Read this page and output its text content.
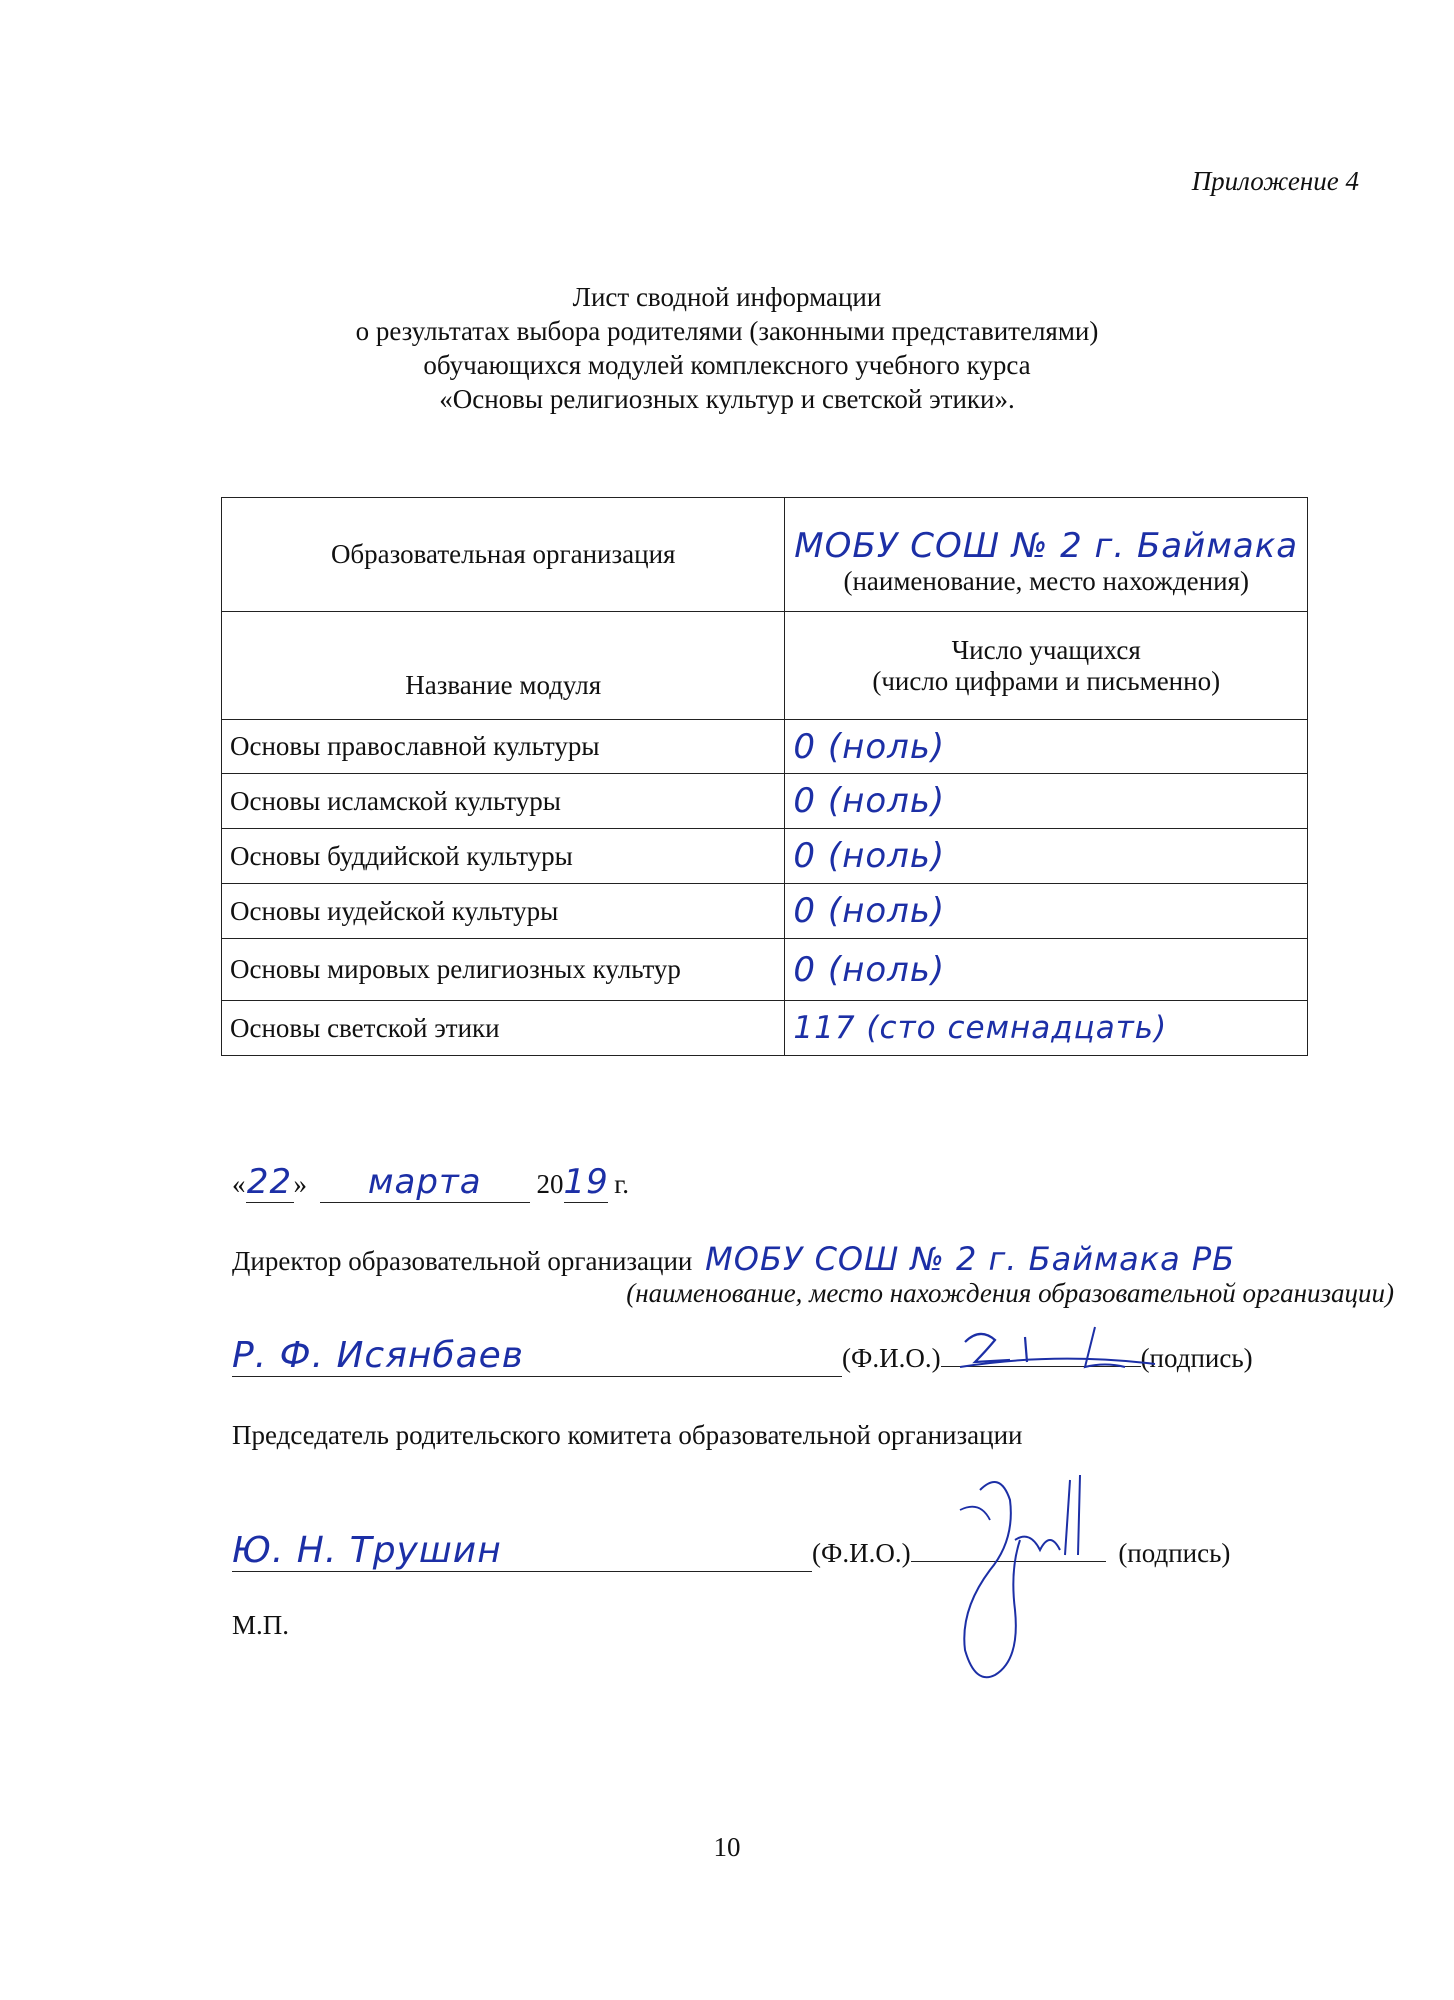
Приложение 4
Лист сводной информации
о результатах выбора родителями (законными представителями)
обучающихся модулей комплексного учебного курса
«Основы религиозных культур и светской этики».
Образовательная организация	МОБУ СОШ № 2 г. Баймака
(наименование, место нахождения)

Название модуля	Число учащихся
(число цифрами и письменно)

Основы православной культуры	0 (ноль)
Основы исламской культуры	0 (ноль)
Основы буддийской культуры	0 (ноль)
Основы иудейской культуры	0 (ноль)
Основы мировых религиозных культур	0 (ноль)
Основы светской этики	117 (сто семнадцать)
«22» марта 2019 г.
Директор образовательной организации МОБУ СОШ № 2 г. Баймака РБ
(наименование, место нахождения образовательной организации)
Р. Ф. Исянбаев	(Ф.И.О.)	(подпись)
Председатель родительского комитета образовательной организации
Ю. Н. Трушин	(Ф.И.О.)	(подпись)
М.П.
10
